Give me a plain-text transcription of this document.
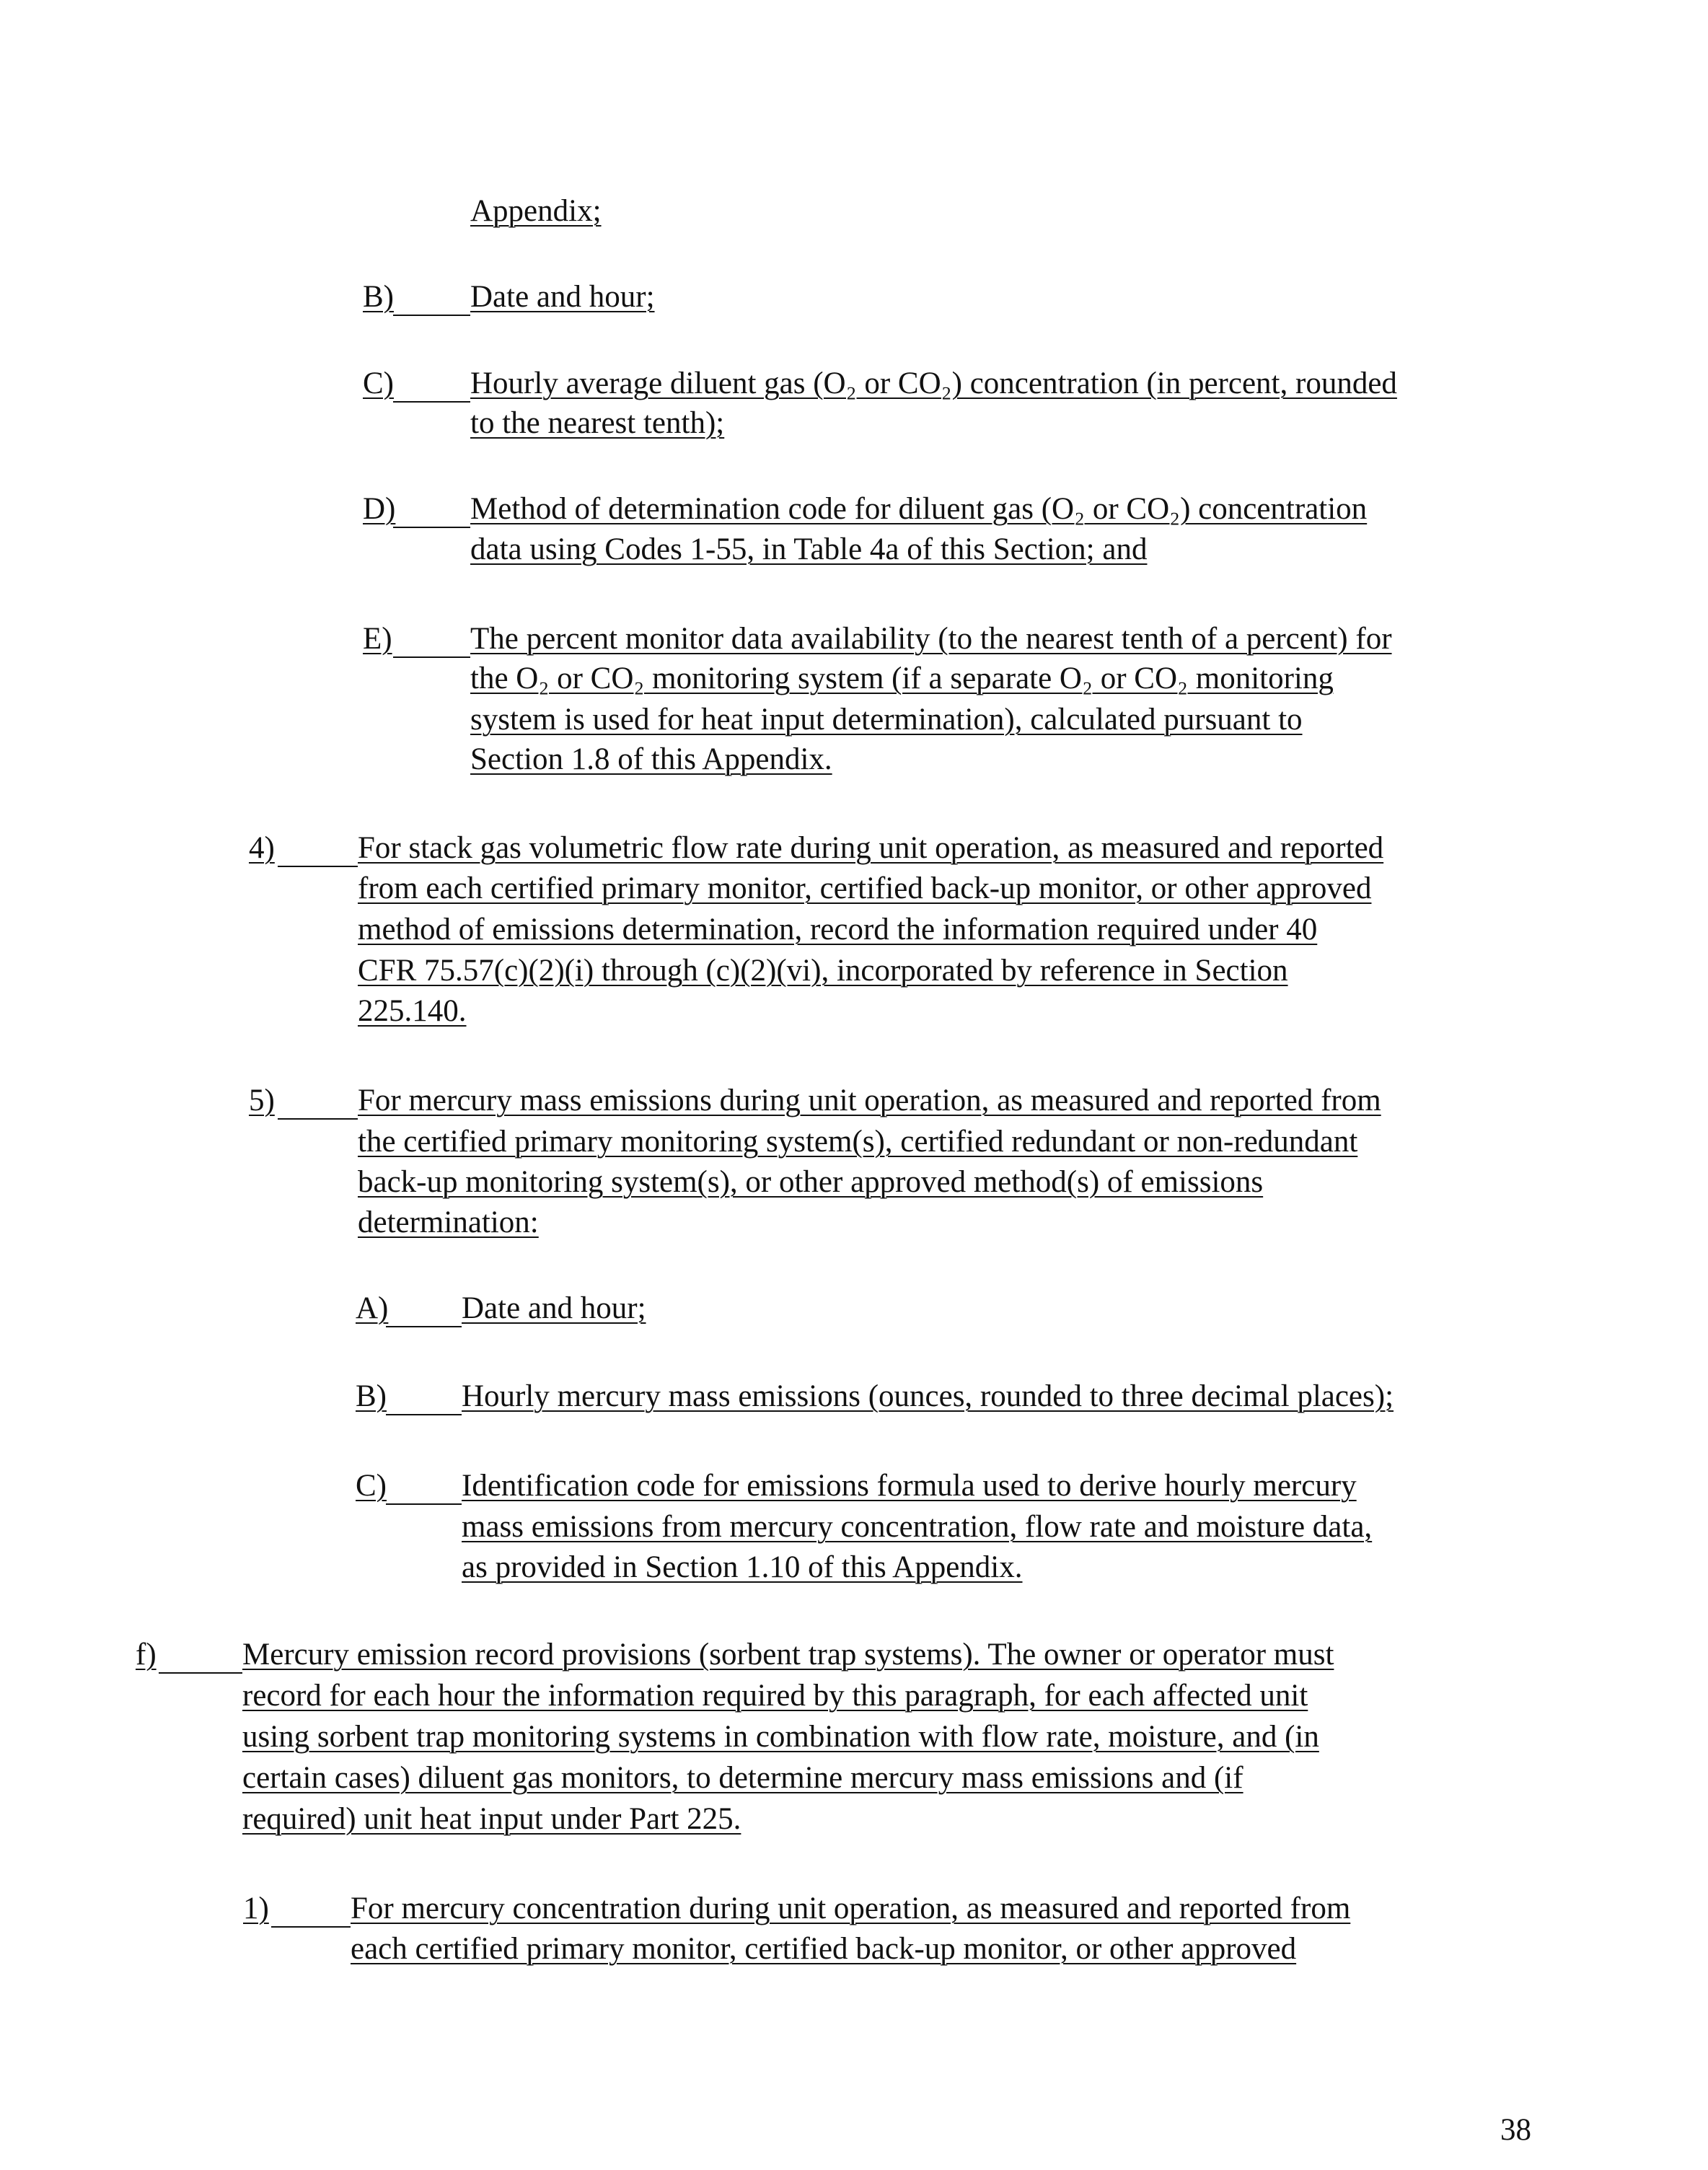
Appendix;
B) Date and hour;
C) Hourly average diluent gas (O₂ or CO₂) concentration (in percent, rounded
to the nearest tenth);
D) Method of determination code for diluent gas (O₂ or CO₂) concentration
data using Codes 1-55, in Table 4a of this Section; and
E)	The percent monitor data availability (to the nearest tenth of a percent) for
the O₂ or CO₂ monitoring system (if a separate O₂ or CO₂ monitoring
system is used for heat input determination), calculated pursuant to
Section 1.8 of this Appendix.
4)	For stack gas volumetric flow rate during unit operation, as measured and reported
from each certified primary monitor, certified back-up monitor, or other approved
method of emissions determination, record the information required under 40
CFR 75.57(c)(2)(i) through (c)(2)(vi), incorporated by reference in Section
225.140.
5)	For mercury mass emissions during unit operation, as measured and reported from
the certified primary monitoring system(s), certified redundant or non-redundant
back-up monitoring system(s), or other approved method(s) of emissions
determination:
A) Date and hour;
B) Hourly mercury mass emissions (ounces, rounded to three decimal places);
C) Identification code for emissions formula used to derive hourly mercury
mass emissions from mercury concentration, flow rate and moisture data,
as provided in Section 1.10 of this Appendix.
f)	Mercury emission record provisions (sorbent trap systems). The owner or operator must
record for each hour the information required by this paragraph, for each affected unit
using sorbent trap monitoring systems in combination with flow rate, moisture, and (in
certain cases) diluent gas monitors, to determine mercury mass emissions and (if
required) unit heat input under Part 225.
1)	For mercury concentration during unit operation, as measured and reported from
each certified primary monitor, certified back-up monitor, or other approved
38
